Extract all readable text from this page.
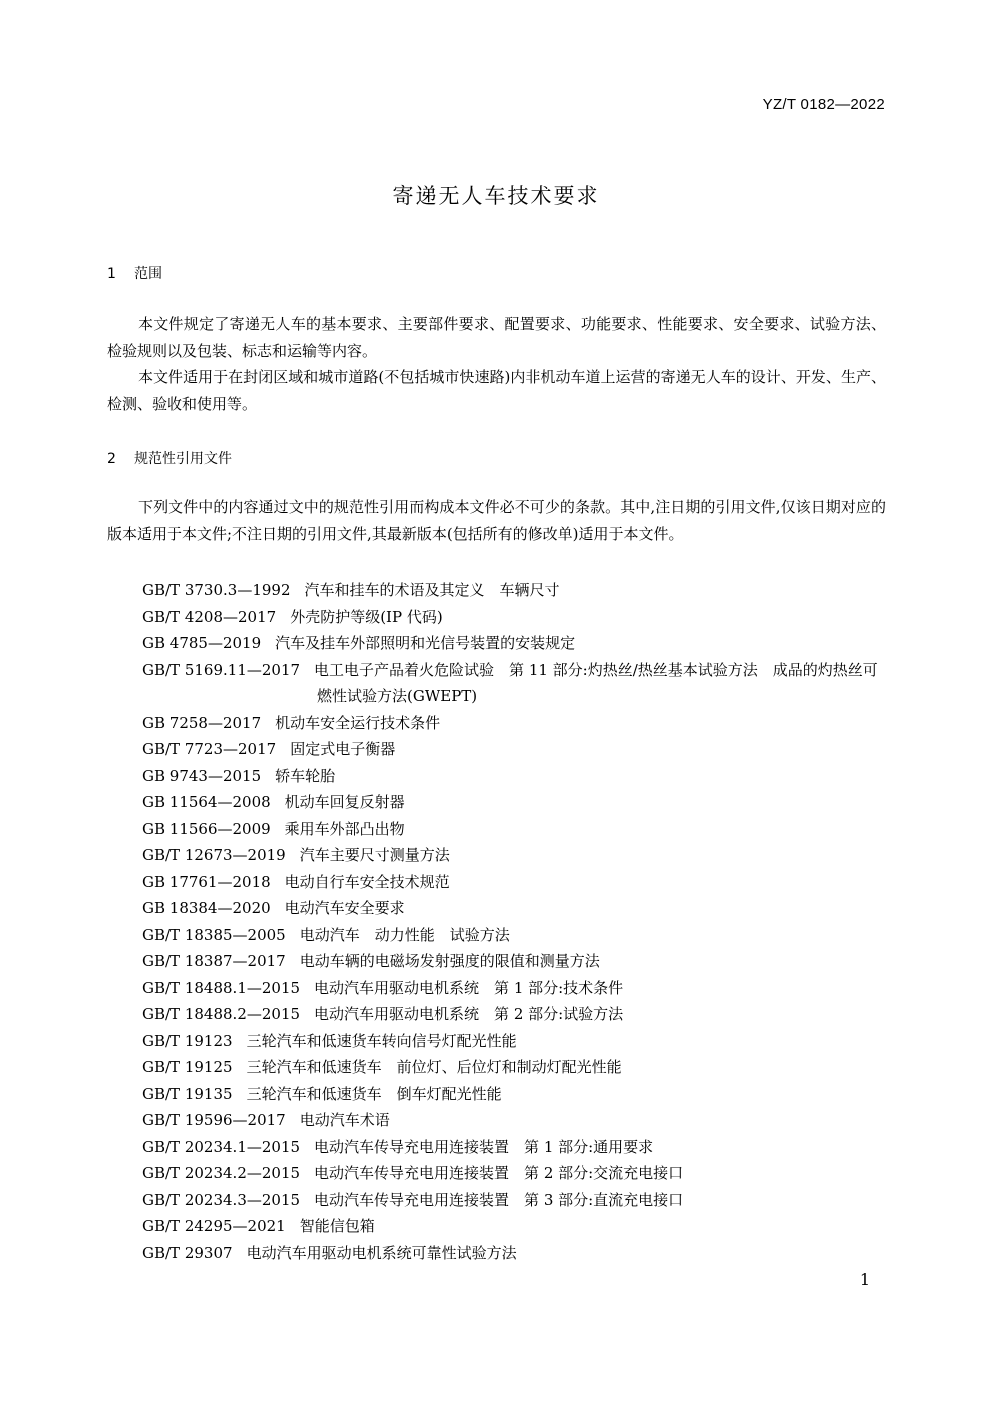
YZ/T 0182—2022
寄递无人车技术要求
1 范围

本文件规定了寄递无人车的基本要求、主要部件要求、配置要求、功能要求、性能要求、安全要求、试验方法、检验规则以及包装、标志和运输等内容。

本文件适用于在封闭区域和城市道路(不包括城市快速路)内非机动车道上运营的寄递无人车的设计、开发、生产、检测、验收和使用等。

2 规范性引用文件

下列文件中的内容通过文中的规范性引用而构成本文件必不可少的条款。其中,注日期的引用文件,仅该日期对应的版本适用于本文件;不注日期的引用文件,其最新版本(包括所有的修改单)适用于本文件。

GB/T 3730.3—1992 汽车和挂车的术语及其定义　车辆尺寸
GB/T 4208—2017 外壳防护等级(IP 代码)
GB 4785—2019 汽车及挂车外部照明和光信号装置的安装规定
GB/T 5169.11—2017 电工电子产品着火危险试验　第 11 部分:灼热丝/热丝基本试验方法　成品的灼热丝可燃性试验方法(GWEPT)
GB 7258—2017 机动车安全运行技术条件
GB/T 7723—2017 固定式电子衡器
GB 9743—2015 轿车轮胎
GB 11564—2008 机动车回复反射器
GB 11566—2009 乘用车外部凸出物
GB/T 12673—2019 汽车主要尺寸测量方法
GB 17761—2018 电动自行车安全技术规范
GB 18384—2020 电动汽车安全要求
GB/T 18385—2005 电动汽车　动力性能　试验方法
GB/T 18387—2017 电动车辆的电磁场发射强度的限值和测量方法
GB/T 18488.1—2015 电动汽车用驱动电机系统　第 1 部分:技术条件
GB/T 18488.2—2015 电动汽车用驱动电机系统　第 2 部分:试验方法
GB/T 19123 三轮汽车和低速货车转向信号灯配光性能
GB/T 19125 三轮汽车和低速货车　前位灯、后位灯和制动灯配光性能
GB/T 19135 三轮汽车和低速货车　倒车灯配光性能
GB/T 19596—2017 电动汽车术语
GB/T 20234.1—2015 电动汽车传导充电用连接装置　第 1 部分:通用要求
GB/T 20234.2—2015 电动汽车传导充电用连接装置　第 2 部分:交流充电接口
GB/T 20234.3—2015 电动汽车传导充电用连接装置　第 3 部分:直流充电接口
GB/T 24295—2021 智能信包箱
GB/T 29307 电动汽车用驱动电机系统可靠性试验方法
1
